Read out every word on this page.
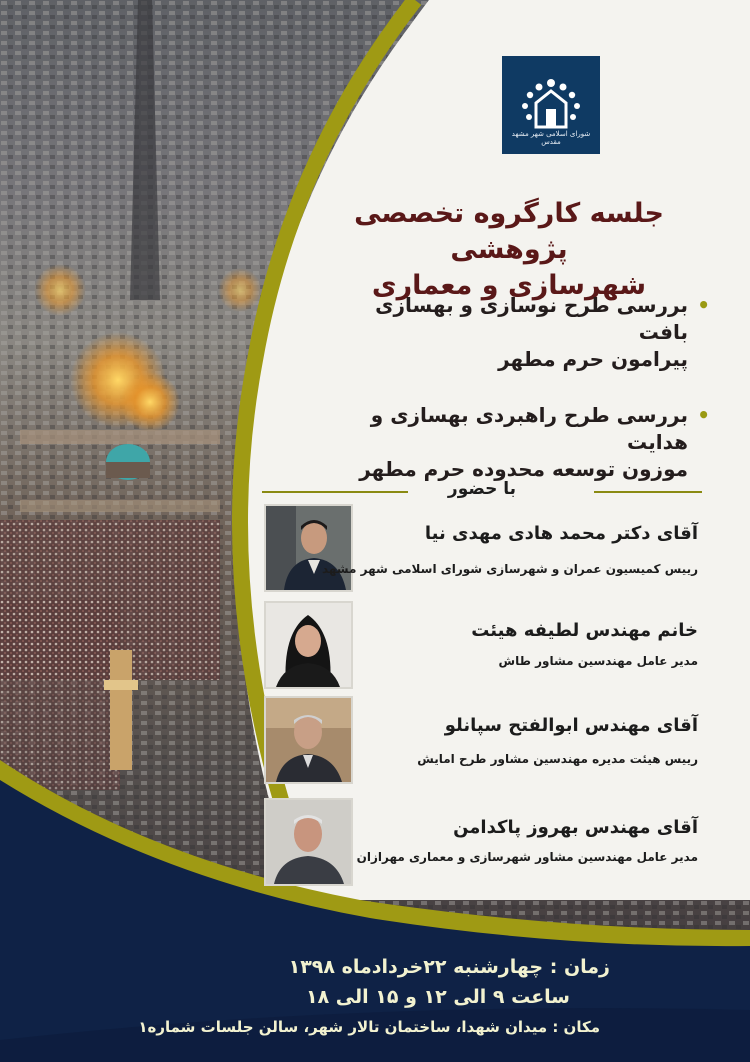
شورای اسلامی شهر مشهد مقدس
جلسه کارگروه تخصصی پژوهشی
شهرسازی و معماری
•
بررسی طرح نوسازی و بهسازی بافت
پیرامون حرم مطهر
•
بررسی طرح راهبردی بهسازی و هدایت
موزون توسعه محدوده حرم مطهر
با حضور
آقای دکتر محمد هادی مهدی نیا
رییس کمیسیون عمران و شهرسازی شورای اسلامی شهر مشهد
خانم مهندس لطیفه هیئت
مدیر عامل مهندسین مشاور طاش
آقای مهندس ابوالفتح سپانلو
رییس هیئت مدیره مهندسین مشاور طرح امایش
آقای مهندس بهروز پاکدامن
مدیر عامل مهندسین مشاور شهرسازی و معماری مهرازان
زمان : چهارشنبه ۲۲خردادماه ۱۳۹۸
ساعت ۹ الی ۱۲ و ۱۵ الی ۱۸
مکان : میدان شهدا، ساختمان تالار شهر، سالن جلسات شماره۱
